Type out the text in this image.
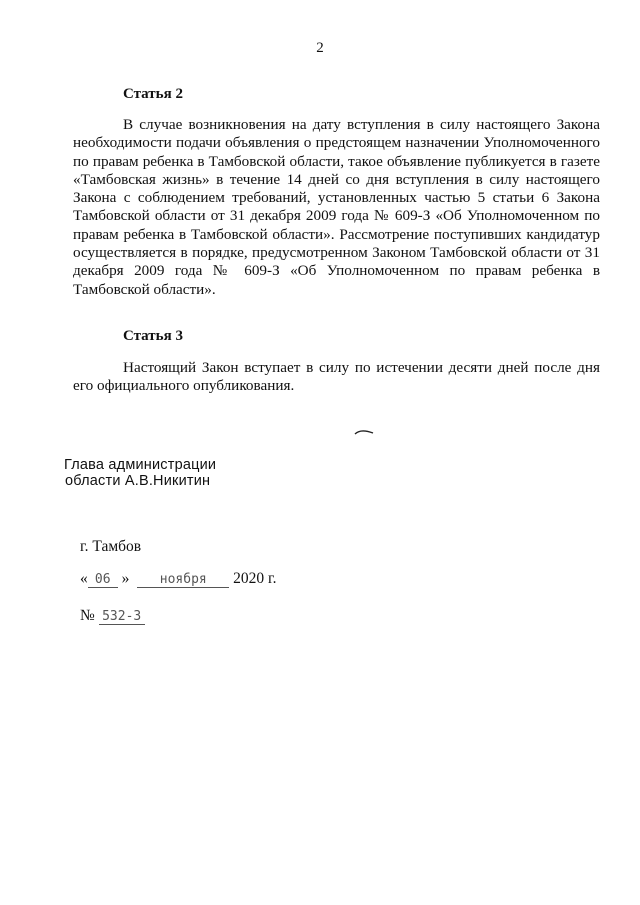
2
Статья 2

В случае возникновения на дату вступления в силу настоящего Закона необходимости подачи объявления о предстоящем назначении Уполномоченного по правам ребенка в Тамбовской области, такое объявление публикуется в газете «Тамбовская жизнь» в течение 14 дней со дня вступления в силу настоящего Закона с соблюдением требований, установленных частью 5 статьи 6 Закона Тамбовской области от 31 декабря 2009 года № 609-З «Об Уполномоченном по правам ребенка в Тамбовской области». Рассмотрение поступивших кандидатур осуществляется в порядке, предусмотренном Законом Тамбовской области от 31 декабря 2009 года № 609-З «Об Уполномоченном по правам ребенка в Тамбовской области».

Статья 3

Настоящий Закон вступает в силу по истечении десяти дней после дня его официального опубликования.

Глава администрации
области А.В.Никитин
г. Тамбов
« 06 » ноября 2020 г.
№ 532-З
